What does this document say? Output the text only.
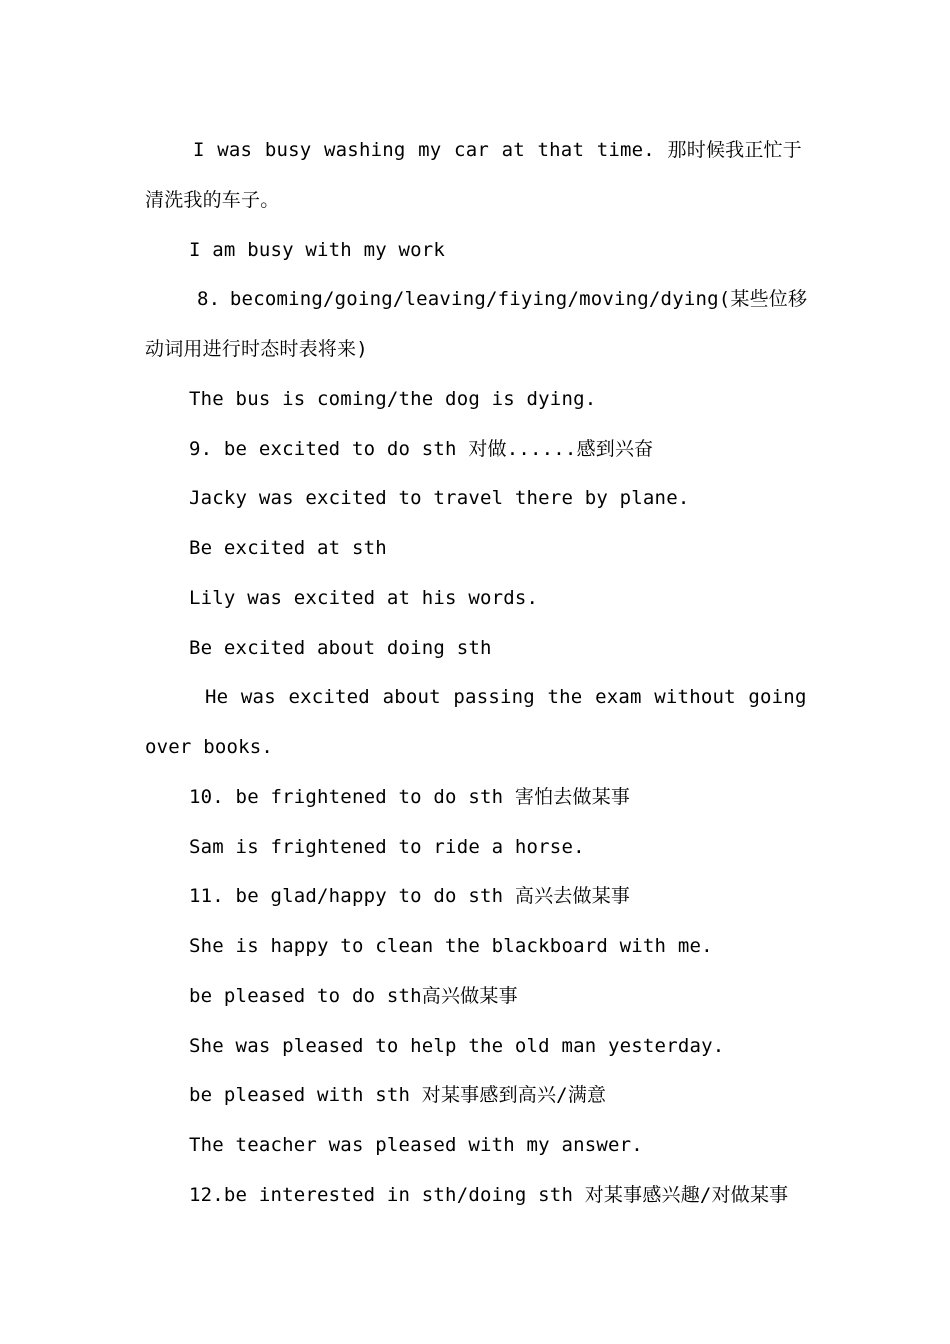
I was busy washing my car at that time. 那时候我正忙于
清洗我的车子。
I am busy with my work
8. becoming/going/leaving/fiying/moving/dying(某些位移
动词用进行时态时表将来)
The bus is coming/the dog is dying.
9. be excited to do sth 对做......感到兴奋
Jacky was excited to travel there by plane.
Be excited at sth
Lily was excited at his words.
Be excited about doing sth
He was excited about passing the exam without going
over books.
10. be frightened to do sth 害怕去做某事
Sam is frightened to ride a horse.
11. be glad/happy to do sth 高兴去做某事
She is happy to clean the blackboard with me.
be pleased to do sth高兴做某事
She was pleased to help the old man yesterday.
be pleased with sth 对某事感到高兴/满意
The teacher was pleased with my answer.
12.be interested in sth/doing sth 对某事感兴趣/对做某事
